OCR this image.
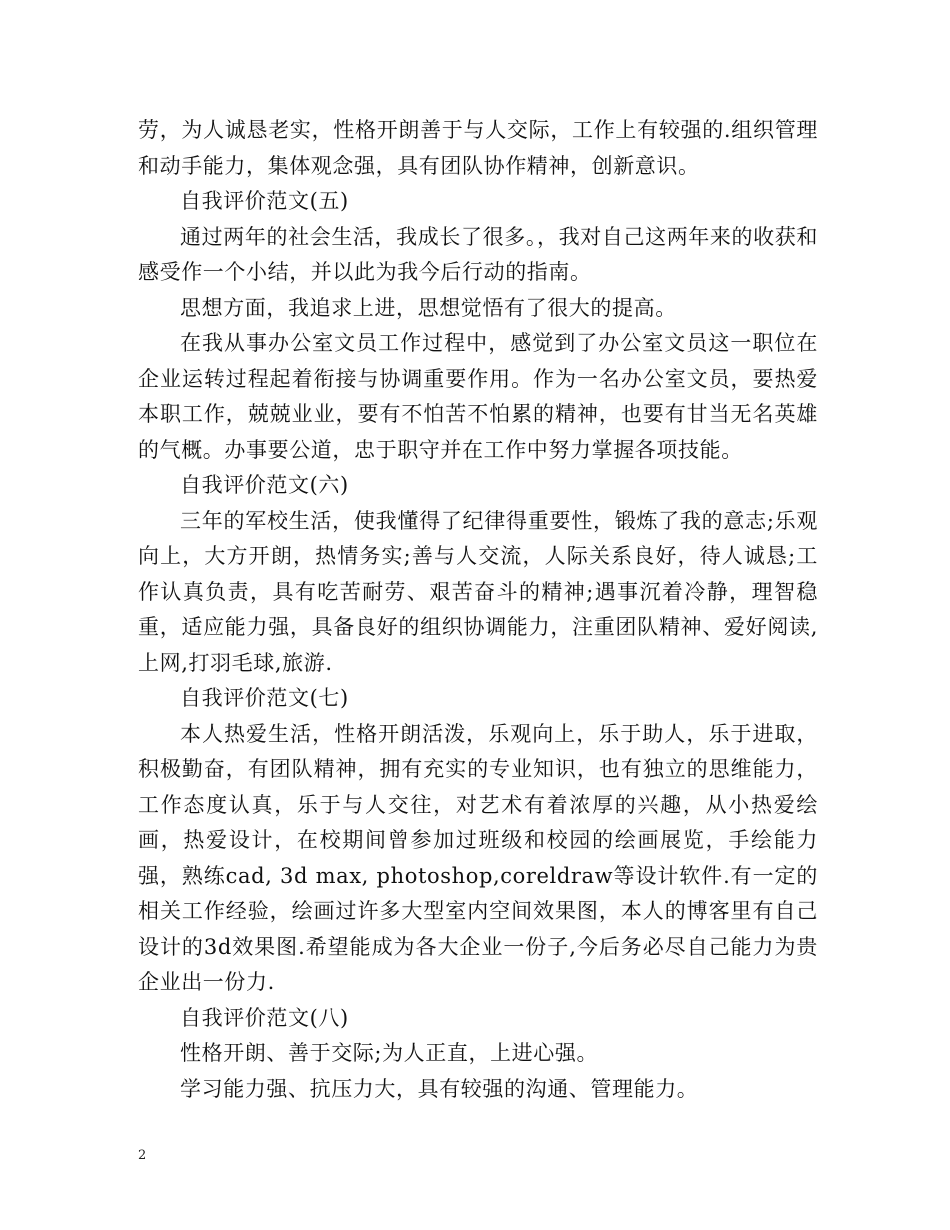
劳，为人诚恳老实，性格开朗善于与人交际，工作上有较强的.组织管理和动手能力，集体观念强，具有团队协作精神，创新意识。

自我评价范文(五)

通过两年的社会生活，我成长了很多。，我对自己这两年来的收获和感受作一个小结，并以此为我今后行动的指南。

思想方面，我追求上进，思想觉悟有了很大的提高。

在我从事办公室文员工作过程中，感觉到了办公室文员这一职位在企业运转过程起着衔接与协调重要作用。作为一名办公室文员，要热爱本职工作，兢兢业业，要有不怕苦不怕累的精神，也要有甘当无名英雄的气概。办事要公道，忠于职守并在工作中努力掌握各项技能。

自我评价范文(六)

三年的军校生活，使我懂得了纪律得重要性，锻炼了我的意志;乐观向上，大方开朗，热情务实;善与人交流，人际关系良好，待人诚恳;工作认真负责，具有吃苦耐劳、艰苦奋斗的精神;遇事沉着冷静，理智稳重，适应能力强，具备良好的组织协调能力，注重团队精神、爱好阅读,上网,打羽毛球,旅游.

自我评价范文(七)

本人热爱生活，性格开朗活泼，乐观向上，乐于助人，乐于进取，积极勤奋，有团队精神，拥有充实的专业知识，也有独立的思维能力，工作态度认真，乐于与人交往，对艺术有着浓厚的兴趣，从小热爱绘画，热爱设计，在校期间曾参加过班级和校园的绘画展览，手绘能力强，熟练cad, 3d max, photoshop,coreldraw等设计软件.有一定的相关工作经验，绘画过许多大型室内空间效果图，本人的博客里有自己设计的3d效果图.希望能成为各大企业一份子,今后务必尽自己能力为贵企业出一份力.

自我评价范文(八)

性格开朗、善于交际;为人正直，上进心强。

学习能力强、抗压力大，具有较强的沟通、管理能力。

2
